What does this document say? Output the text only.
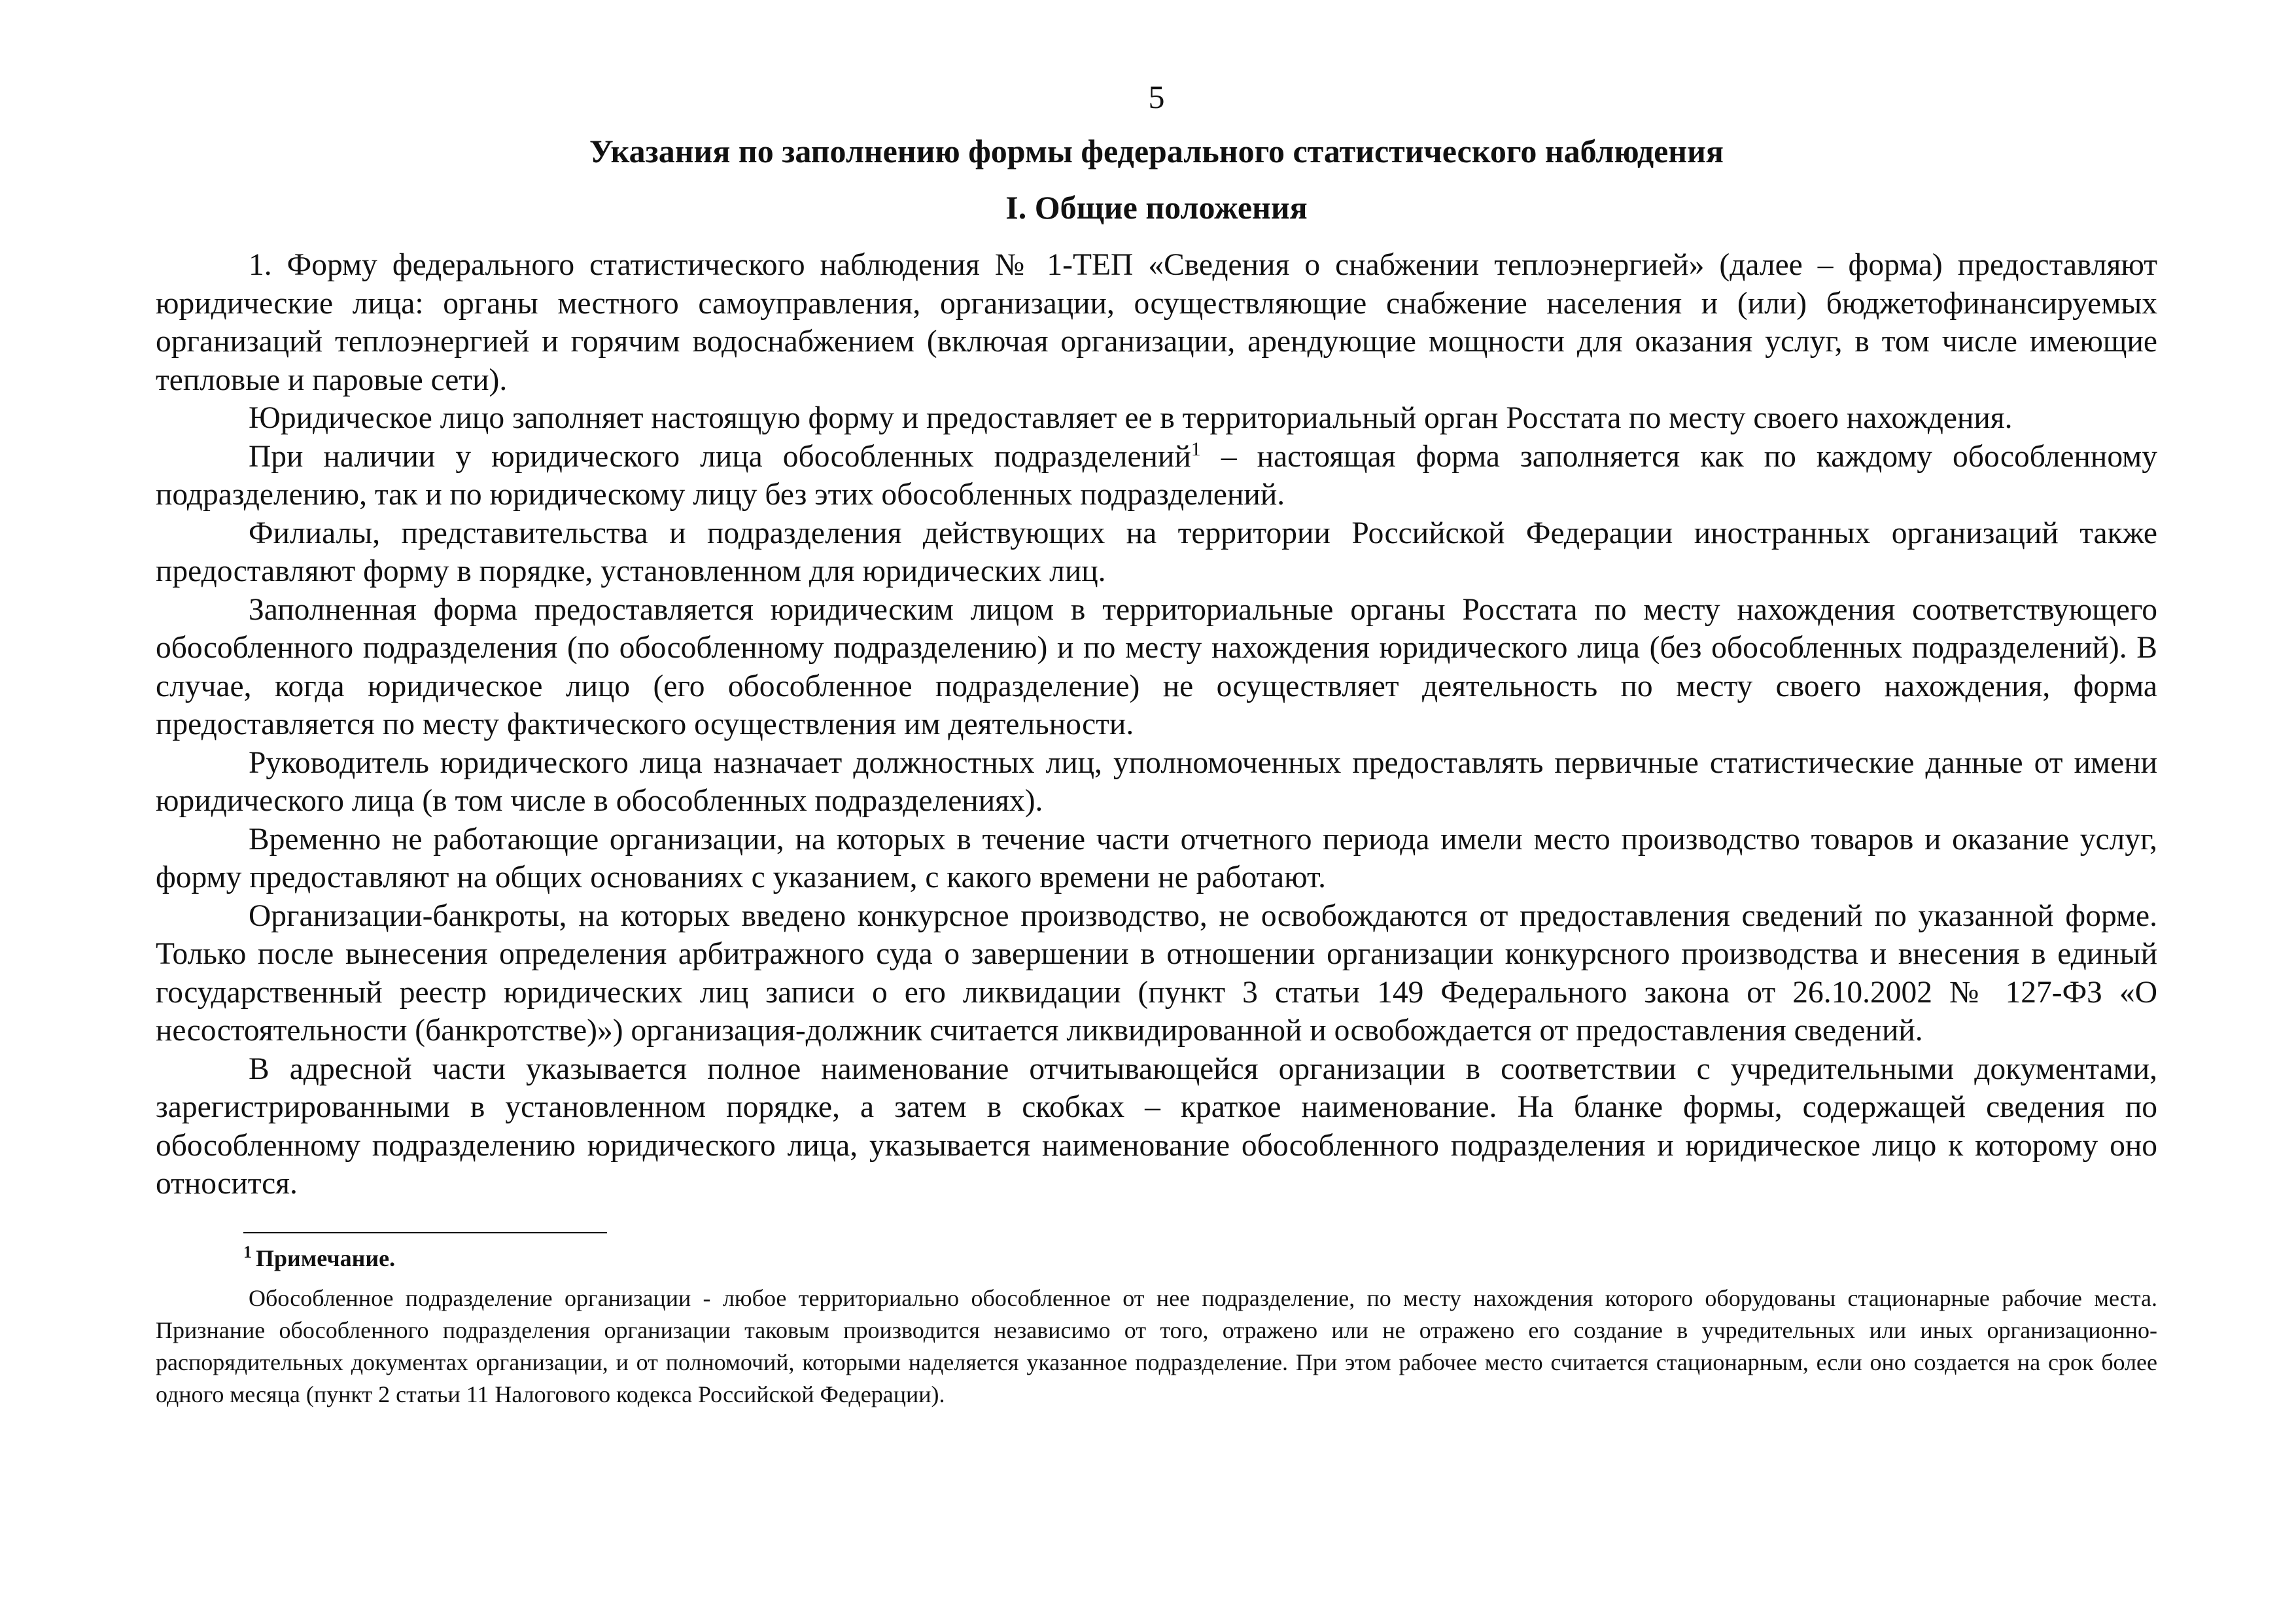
5
Указания по заполнению формы федерального статистического наблюдения
I. Общие положения

1. Форму федерального статистического наблюдения № 1-ТЕП «Сведения о снабжении теплоэнергией» (далее – форма) предоставляют юридические лица: органы местного самоуправления, организации, осуществляющие снабжение населения и (или) бюджетофинансируемых организаций теплоэнергией и горячим водоснабжением (включая организации, арендующие мощности для оказания услуг, в том числе имеющие тепловые и паровые сети).

Юридическое лицо заполняет настоящую форму и предоставляет ее в территориальный орган Росстата по месту своего нахождения.

При наличии у юридического лица обособленных подразделений$^1$ – настоящая форма заполняется как по каждому обособленному подразделению, так и по юридическому лицу без этих обособленных подразделений.

Филиалы, представительства и подразделения действующих на территории Российской Федерации иностранных организаций также предоставляют форму в порядке, установленном для юридических лиц.

Заполненная форма предоставляется юридическим лицом в территориальные органы Росстата по месту нахождения соответствующего обособленного подразделения (по обособленному подразделению) и по месту нахождения юридического лица (без обособленных подразделений). В случае, когда юридическое лицо (его обособленное подразделение) не осуществляет деятельность по месту своего нахождения, форма предоставляется по месту фактического осуществления им деятельности.

Руководитель юридического лица назначает должностных лиц, уполномоченных предоставлять первичные статистические данные от имени юридического лица (в том числе в обособленных подразделениях).

Временно не работающие организации, на которых в течение части отчетного периода имели место производство товаров и оказание услуг, форму предоставляют на общих основаниях с указанием, с какого времени не работают.

Организации-банкроты, на которых введено конкурсное производство, не освобождаются от предоставления сведений по указанной форме. Только после вынесения определения арбитражного суда о завершении в отношении организации конкурсного производства и внесения в единый государственный реестр юридических лиц записи о его ликвидации (пункт 3 статьи 149 Федерального закона от 26.10.2002 № 127-ФЗ «О несостоятельности (банкротстве)») организация-должник считается ликвидированной и освобождается от предоставления сведений.

В адресной части указывается полное наименование отчитывающейся организации в соответствии с учредительными документами, зарегистрированными в установленном порядке, а затем в скобках – краткое наименование. На бланке формы, содержащей сведения по обособленному подразделению юридического лица, указывается наименование обособленного подразделения и юридическое лицо к которому оно относится.

$^1$ Примечание.

Обособленное подразделение организации - любое территориально обособленное от нее подразделение, по месту нахождения которого оборудованы стационарные рабочие места. Признание обособленного подразделения организации таковым производится независимо от того, отражено или не отражено его создание в учредительных или иных организационно-распорядительных документах организации, и от полномочий, которыми наделяется указанное подразделение. При этом рабочее место считается стационарным, если оно создается на срок более одного месяца (пункт 2 статьи 11 Налогового кодекса Российской Федерации).
